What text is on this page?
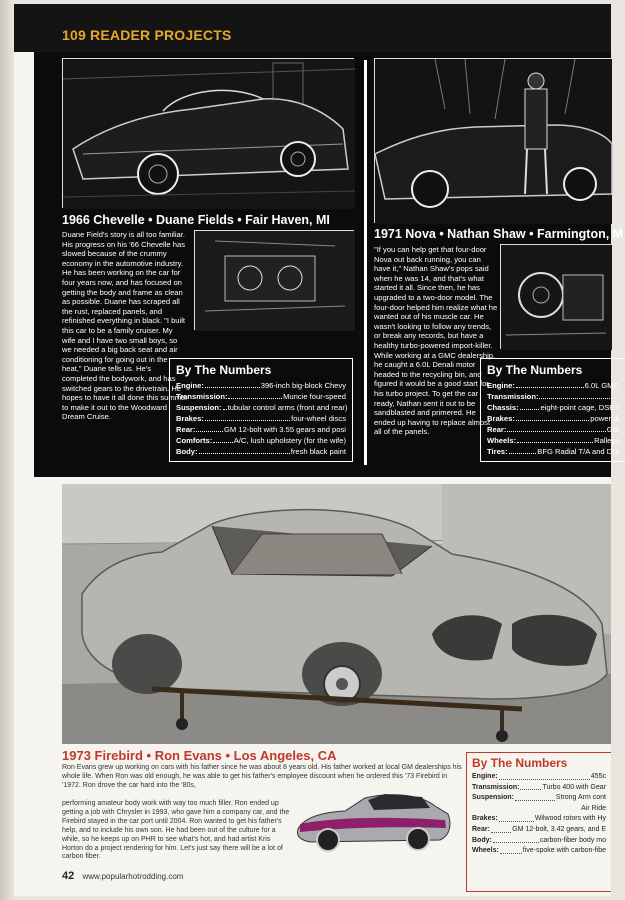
109 READER PROJECTS
1966 Chevelle • Duane Fields • Fair Haven, MI
Duane Field's story is all too familiar. His progress on his '66 Chevelle has slowed because of the crummy economy in the automotive industry. He has been working on the car for four years now, and has focused on getting the body and frame as clean as possible. Duane has scraped all the rust, replaced panels, and refinished everything in black. "I built this car to be a family cruiser. My wife and I have two small boys, so we needed a big back seat and air conditioning for going out in the heat," Duane tells us. He's completed the bodywork, and has switched gears to the drivetrain. He hopes to have it all done this summer to make it out to the Woodward Dream Cruise.
By The Numbers
Engine:	396-inch big-block Chevy
Transmission:	Muncie four-speed
Suspension: tubular control arms (front and rear)
Brakes:	four-wheel discs
Rear:	GM 12-bolt with 3.55 gears and posi
Comforts:	A/C, lush upholstery (for the wife)
Body:	fresh black paint
1971 Nova • Nathan Shaw • Farmington, M
"If you can help get that four-door Nova out back running, you can have it," Nathan Shaw's pops said when he was 14, and that's what started it all. Since then, he has upgraded to a two-door model. The four-door helped him realize what he wanted out of his muscle car. He wasn't looking to follow any trends, or break any records, but have a healthy turbo-powered import-killer. While working at a GMC dealership, he caught a 6.0L Denali motor headed to the recycling bin, and figured it would be a good start for his turbo project. To get the car ready, Nathan sent it out to be sandblasted and primered. He ended up having to replace almost all of the panels.
By The Numbers
Engine:	6.0L GMC
Transmission:
Chassis:	eight-point cage, DSE r
Brakes:	power di
Rear:	GM
Wheels:	Ralleys
Tires:	BFG Radial T/A and Dra
1973 Firebird • Ron Evans • Los Angeles, CA
Ron Evans grew up working on cars with his father since he was about 8 years old. His father worked at local GM dealerships his whole life. When Ron was old enough, he was able to get his father's employee discount when he ordered this '73 Firebird in '1972. Ron drove the car hard into the '80s,
performing amateur body work with way too much filler. Ron ended up getting a job with Chrysler in 1993, who gave him a company car, and the Firebird stayed in the car port until 2004. Ron wanted to get his father's help, and to include his own son. He had been out of the culture for a while, so he keeps up on PHR to see what's hot, and had artist Kris Horton do a project rendering for him. Let's just say there will be a lot of carbon fiber.
By The Numbers
Engine:	455c
Transmission:	Turbo 400 with Gear
Suspension:	Strong Arm cont
Air Ride
Brakes:	Wilwood rotors with Hy
Rear:	GM 12-bolt, 3.42 gears, and E
Body:	carbon-fiber body mo
Wheels:	five-spoke with carbon-fibe
42 www.popularhotrodding.com
